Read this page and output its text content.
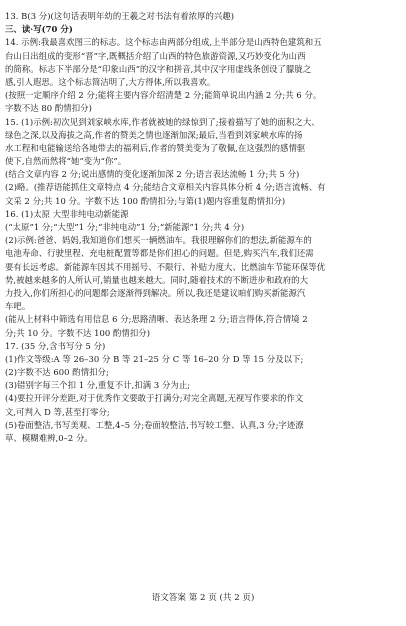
13. B(3 分)(这句话表明年幼的王羲之对书法有着浓厚的兴趣)
三、读·写(70 分)
14. 示例:我最喜欢图三的标志。这个标志由两部分组成,上半部分是山西特色建筑和五
台山日出组成的变形“晋”字,既概括介绍了山西的特色旅游资源,又巧妙变化为山西
的简称。标志下半部分是“印象山西”的汉字和拼音,其中汉字用虚线条创设了朦胧之
感,引人遐思。这个标志简洁明了,大方得体,所以我喜欢。
(按照一定顺序介绍 2 分;能将主要内容介绍清楚 2 分;能简单说出内涵 2 分;共 6 分。
字数不达 80 酌情扣分)
15. (1)示例:初次见到刘家峡水库,作者就被她的绿惊到了;接着描写了她的面积之大、
绿色之深,以及海拔之高,作者的赞美之情也逐渐加深;最后,当看到刘家峡水库的扬
水工程和电能输送给各地带去的福利后,作者的赞美变为了敬佩,在这强烈的感情驱
使下,自然而然将“她”变为“你”。
(结合文章内容 2 分;说出感情的变化逐渐加深 2 分;语言表达流畅 1 分;共 5 分)
(2)略。(推荐语能抓住文章特点 4 分;能结合文章相关内容具体分析 4 分;语言流畅、有
文采 2 分;共 10 分。字数不达 100 酌情扣分;与第(1)题内容重复酌情扣分)
16. (1)太原 大型非纯电动新能源
(“太原”1 分;“大型”1 分;“非纯电动”1 分;“新能源”1 分;共 4 分)
(2)示例:爸爸、妈妈,我知道你们想买一辆燃油车。我很理解你们的想法,新能源车的
电池寿命、行驶里程、充电桩配置等都是你们担心的问题。但是,购买汽车,我们还需
要有长远考虑。新能源车因其不用摇号、不限行、补贴力度大、比燃油车节能环保等优
势,被越来越多的人所认可,销量也越来越大。同时,随着技术的不断进步和政府的大
力投入,你们所担心的问题都会逐渐得到解决。所以,我还是建议咱们购买新能源汽
车吧。
(能从上材料中筛选有用信息 6 分;思路清晰、表达条理 2 分;语言得体,符合情境 2
分;共 10 分。字数不达 100 酌情扣分)
17. (35 分,含书写分 5 分)
(1)作文等级:A 等 26–30 分 B 等 21–25 分 C 等 16–20 分 D 等 15 分及以下;
(2)字数不达 600 酌情扣分;
(3)错别字每三个扣 1 分,重复不计,扣满 3 分为止;
(4)要拉开评分差距,对于优秀作文要敢于打满分;对完全离题,无视写作要求的作文
文,可判入 D 等,甚至打零分;
(5)卷面整洁,书写美观、工整,4–5 分;卷面较整洁,书写较工整、认真,3 分;字迹潦
草、模糊难辨,0–2 分。
语文答案 第 2 页 (共 2 页)
